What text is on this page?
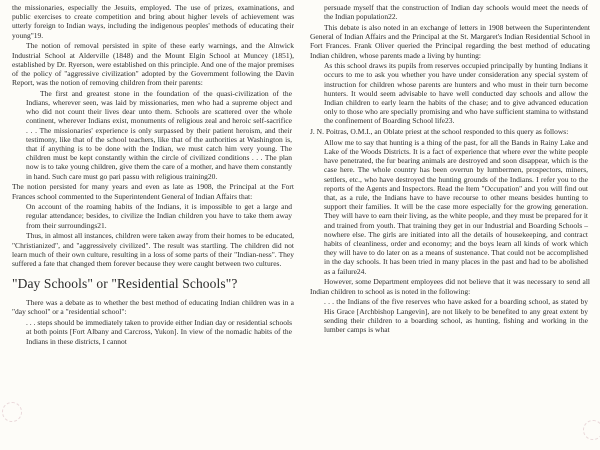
the missionaries, especially the Jesuits, employed. The use of prizes, examinations, and public exercises to create competition and bring about higher levels of achievement was utterly foreign to Indian ways, including the indigenous peoples' methods of educating their young"19.

The notion of removal persisted in spite of these early warnings, and the Alnwick Industrial School at Alderville (1848) and the Mount Elgin School at Muncey (1851), established by Dr. Ryerson, were established on this principle. And one of the major premises of the policy of "aggressive civilization" adopted by the Government following the Davin Report, was the notion of removing children from their parents:

The first and greatest stone in the foundation of the quasi-civilization of the Indians, wherever seen, was laid by missionaries, men who had a supreme object and who did not count their lives dear unto them. Schools are scattered over the whole continent, wherever Indians exist, monuments of religious zeal and heroic self-sacrifice . . . The missionaries' experience is only surpassed by their patient heroism, and their testimony, like that of the school teachers, like that of the authorities at Washington is, that if anything is to be done with the Indian, we must catch him very young. The children must be kept constantly within the circle of civilized conditions . . . The plan now is to take young children, give them the care of a mother, and have them constantly in hand. Such care must go pari passu with religious training20.

The notion persisted for many years and even as late as 1908, the Principal at the Fort Frances school commented to the Superintendent General of Indian Affairs that:

On account of the roaming habits of the Indians, it is impossible to get a large and regular attendance; besides, to civilize the Indian children you have to take them away from their surroundings21.

Thus, in almost all instances, children were taken away from their homes to be educated, "Christianized", and "aggressively civilized". The result was startling. The children did not learn much of their own culture, resulting in a loss of some parts of their "Indian-ness". They suffered a fate that changed them forever because they were caught between two cultures.

"Day Schools" or "Residential Schools"?

There was a debate as to whether the best method of educating Indian children was in a "day school" or a "residential school":

. . . steps should be immediately taken to provide either Indian day or residential schools at both points [Fort Albany and Carcross, Yukon]. In view of the nomadic habits of the Indians in these districts, I cannot

persuade myself that the construction of Indian day schools would meet the needs of the Indian population22.

This debate is also noted in an exchange of letters in 1908 between the Superintendent General of Indian Affairs and the Principal at the St. Margaret's Indian Residential School in Fort Frances. Frank Oliver queried the Principal regarding the best method of educating Indian children, whose parents made a living by hunting:

As this school draws its pupils from reserves occupied principally by hunting Indians it occurs to me to ask you whether you have under consideration any special system of instruction for children whose parents are hunters and who must in their turn become hunters. It would seem advisable to have well conducted day schools and allow the Indian children to early learn the habits of the chase; and to give advanced education only to those who are specially promising and who have sufficient stamina to withstand the confinement of Boarding School life23.

J. N. Poitras, O.M.I., an Oblate priest at the school responded to this query as follows:

Allow me to say that hunting is a thing of the past, for all the Bands in Rainy Lake and Lake of the Woods Districts. It is a fact of experience that where ever the white people have penetrated, the fur bearing animals are destroyed and soon disappear, which is the case here. The whole country has been overrun by lumbermen, prospectors, miners, settlers, etc., who have destroyed the hunting grounds of the Indians. I refer you to the reports of the Agents and Inspectors. Read the Item "Occupation" and you will find out that, as a rule, the Indians have to have recourse to other means besides hunting to support their families. It will be the case more especially for the growing generation. They will have to earn their living, as the white people, and they must be prepared for it and trained from youth. That training they get in our Industrial and Boarding Schools – nowhere else. The girls are initiated into all the details of housekeeping, and contract habits of cleanliness, order and economy; and the boys learn all kinds of work which they will have to do later on as a means of sustenance. That could not be accomplished in the day schools. It has been tried in many places in the past and had to be abolished as a failure24.

However, some Department employees did not believe that it was necessary to send all Indian children to school as is noted in the following:

. . . the Indians of the five reserves who have asked for a boarding school, as stated by His Grace [Archbishop Langevin], are not likely to be benefited to any great extent by sending their children to a boarding school, as hunting, fishing and working in the lumber camps is what
